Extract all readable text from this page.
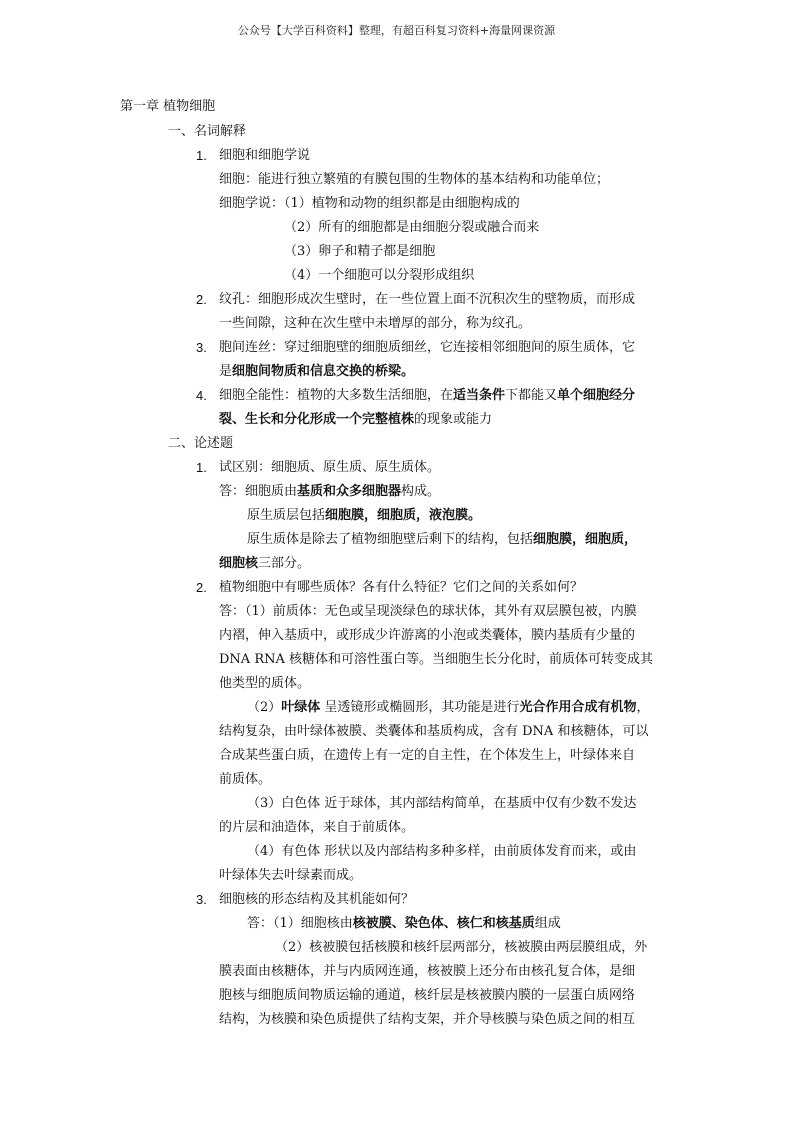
公众号【大学百科资料】整理，有超百科复习资料+海量网课资源
第一章 植物细胞
一、名词解释
1. 细胞和细胞学说
细胞：能进行独立繁殖的有膜包围的生物体的基本结构和功能单位；
细胞学说：（1）植物和动物的组织都是由细胞构成的
（2）所有的细胞都是由细胞分裂或融合而来
（3）卵子和精子都是细胞
（4）一个细胞可以分裂形成组织
2. 纹孔：细胞形成次生壁时，在一些位置上面不沉积次生的壁物质，而形成
一些间隙，这种在次生壁中未增厚的部分，称为纹孔。
3. 胞间连丝：穿过细胞壁的细胞质细丝，它连接相邻细胞间的原生质体，它
是细胞间物质和信息交换的桥梁。
4. 细胞全能性：植物的大多数生活细胞，在适当条件下都能又单个细胞经分
裂、生长和分化形成一个完整植株的现象或能力
二、论述题
1. 试区别：细胞质、原生质、原生质体。
答：细胞质由基质和众多细胞器构成。
原生质层包括细胞膜，细胞质，液泡膜。
原生质体是除去了植物细胞壁后剩下的结构，包括细胞膜，细胞质，
细胞核三部分。
2. 植物细胞中有哪些质体？各有什么特征？它们之间的关系如何？
答：（1）前质体：无色或呈现淡绿色的球状体，其外有双层膜包被，内膜
内褶，伸入基质中，或形成少许游离的小泡或类囊体，膜内基质有少量的
DNA RNA 核糖体和可溶性蛋白等。当细胞生长分化时，前质体可转变成其
他类型的质体。
（2）叶绿体 呈透镜形或椭圆形，其功能是进行光合作用合成有机物，
结构复杂，由叶绿体被膜、类囊体和基质构成，含有 DNA 和核糖体，可以
合成某些蛋白质，在遗传上有一定的自主性，在个体发生上，叶绿体来自
前质体。
（3）白色体 近于球体，其内部结构简单，在基质中仅有少数不发达
的片层和油造体，来自于前质体。
（4）有色体 形状以及内部结构多种多样，由前质体发育而来，或由
叶绿体失去叶绿素而成。
3. 细胞核的形态结构及其机能如何？
答：（1）细胞核由核被膜、染色体、核仁和核基质组成
（2）核被膜包括核膜和核纤层两部分，核被膜由两层膜组成，外
膜表面由核糖体，并与内质网连通，核被膜上还分布由核孔复合体，是细
胞核与细胞质间物质运输的通道，核纤层是核被膜内膜的一层蛋白质网络
结构，为核膜和染色质提供了结构支架，并介导核膜与染色质之间的相互
